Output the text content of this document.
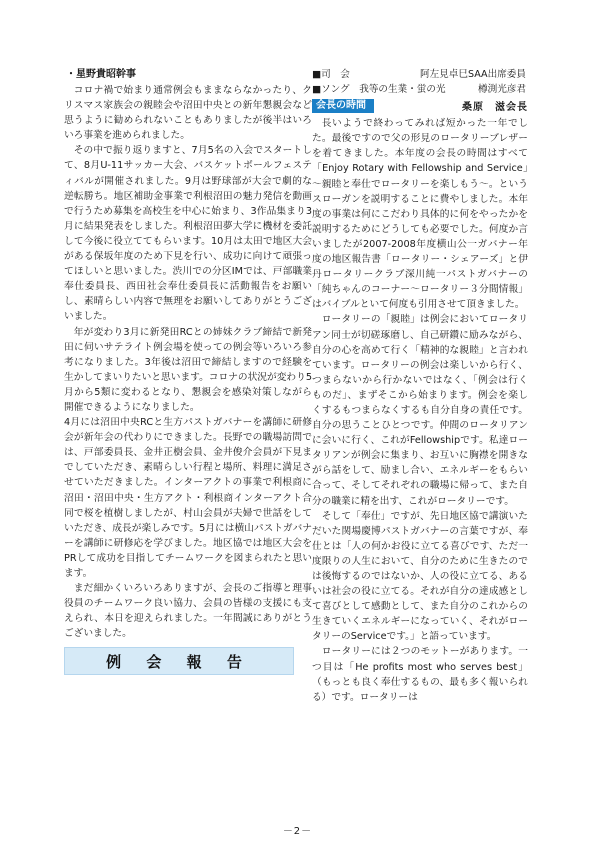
・星野貴昭幹事

コロナ禍で始まり通常例会もままならなかったり、クリスマス家族会の親睦会や沼田中央との新年懇親会など思うように勧められないこともありましたが後半はいろいろ事業を進められました。

その中で振り返りますと、7月5名の入会でスタートして、8月U-11サッカー大会、バスケットボールフェスティバルが開催されました。9月は野球部が大会で劇的な逆転勝ち。地区補助金事業で利根沼田の魅力発信を動画で行うため募集を高校生を中心に始まり、3作品集まり3月に結果発表をしました。利根沼田夢大学に機材を委託して今後に役立ててもらいます。10月は太田で地区大会がある保坂年度のため下見を行い、成功に向けて頑張ってほしいと思いました。渋川での分区IMでは、戸部職業奉仕委員長、西田社会奉仕委員長に活動報告をお願いし、素晴らしい内容で無理をお願いしてありがとうございました。

年が変わり3月に新発田RCとの姉妹クラブ締結で新発田に伺いサテライト例会場を使っての例会等いろいろ参考になりました。3年後は沼田で締結しますので経験を生かしてまいりたいと思います。コロナの状況が変わり5月から5類に変わるとなり、懇親会を感染対策しながら開催できるようになりました。

4月には沼田中央RCと生方パストガバナーを講師に研修会が新年会の代わりにできました。長野での職場訪問では、戸部委員長、金井正樹会員、金井俊介会員が下見までしていただき、素晴らしい行程と場所、料理に満足させていただきました。インターアクトの事業で利根商に沼田・沼田中央・生方アクト・利根商インターアクト合同で桜を植樹しましたが、村山会員が夫婦で世話をしていただき、成長が楽しみです。5月には横山パストガバナーを講師に研修応を学びました。地区協では地区大会をPRして成功を目指してチームワークを図まられたと思います。

まだ細かくいろいろありますが、会長のご指導と理事役員のチームワーク良い協力、会員の皆様の支援にも支えられ、本日を迎えられました。一年間誠にありがとうございました。

例 会 報 告
■司　会	阿左見卓巳SAA出席委員
■ソング　我等の生業・蛍の光	樽渕光彦君
会長の時間	桑原　滋会長

長いようで終わってみれば短かった一年でした。最後ですので父の形見のロータリーブレザーを着てきました。本年度の会長の時間はすべて「Enjoy Rotary with Fellowship and Service」～親睦と奉仕でロータリーを楽しもう～。というスローガンを説明することに費やしました。本年度の事業は何にこだわり具体的に何をやったかを説明するためにどうしても必要でした。何度か言いましたが2007-2008年度横山公一ガバナー年度の地区報告書「ロータリー・シェアーズ」と伊丹ロータリークラブ深川純一パストガバナーの「純ちゃんのコーナー～ロータリー３分間情報」はバイブルといて何度も引用させて頂きました。

ロータリーの「親睦」は例会においてロータリアン同士が切磋琢磨し、自己研鑽に励みながら、自分の心を高めて行く「精神的な親睦」と言われています。ロータリーの例会は楽しいから行く、つまらないから行かないではなく、「例会は行くものだ」、まずそこから始まります。例会を楽しくするもつまらなくするも自分自身の責任です。自分の思うことひとつです。仲間のロータリアンに会いに行く、これがFellowshipです。私達ロータリアンが例会に集まり、お互いに胸襟を開きながら話をして、励まし合い、エネルギーをもらい合って、そしてそれぞれの職場に帰って、また自分の職業に精を出す、これがロータリーです。

そして「奉仕」ですが、先日地区協で講演いただいた関場慶博パストガバナーの言葉ですが、奉仕とは「人の何かお役に立てる喜びです、ただ一度限りの人生において、自分のために生きたのでは後悔するのではないか、人の役に立てる、あるいは社会の役に立てる。それが自分の達成感として喜びとして感動として、また自分のこれからの生きていくエネルギーになっていく、それがロータリーのServiceです。」と語っています。

ロータリーには２つのモットーがあります。一つ目は「He profits most who serves best」（もっとも良く奉仕するもの、最も多く報いられる）です。ロータリーは

－2－
